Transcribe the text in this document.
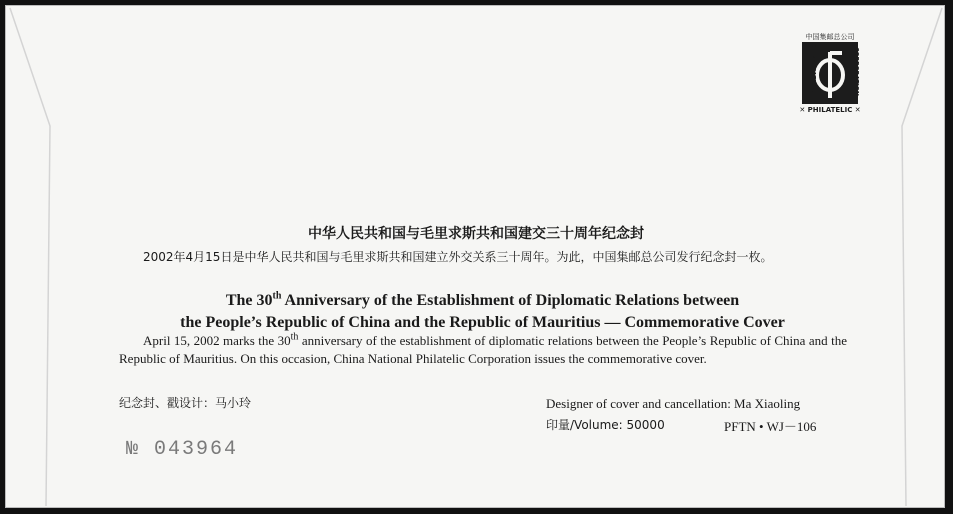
中国集邮总公司
CHINA NATIONAL	CORPORATION
✕ PHILATELIC ✕
中华人民共和国与毛里求斯共和国建交三十周年纪念封
2002年4月15日是中华人民共和国与毛里求斯共和国建立外交关系三十周年。为此，中国集邮总公司发行纪念封一枚。
The 30th Anniversary of the Establishment of Diplomatic Relations between
the People’s Republic of China and the Republic of Mauritius — Commemorative Cover
April 15, 2002 marks the 30th anniversary of the establishment of diplomatic relations between the People’s Republic of China and the Republic of Mauritius. On this occasion, China National Philatelic Corporation issues the commemorative cover.
纪念封、戳设计：马小玲	Designer of cover and cancellation: Ma Xiaoling
印量/Volume: 50000	PFTN • WJ－106
№ 043964
